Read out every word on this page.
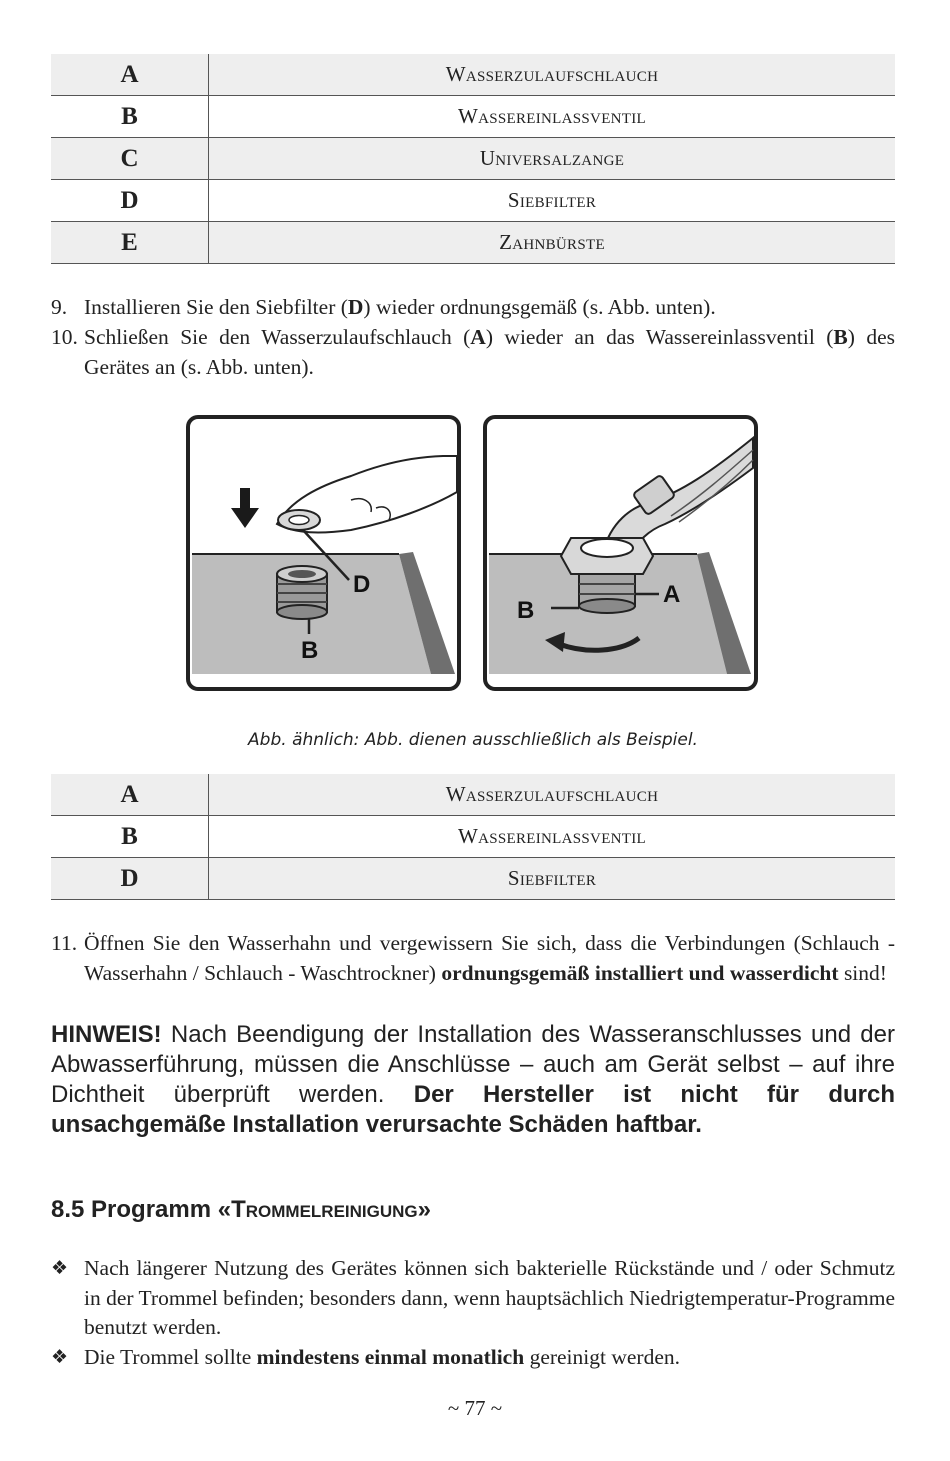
A	Wasserzulaufschlauch
B	Wassereinlassventil
C	Universalzange
D	Siebfilter
E	Zahnbürste
9. Installieren Sie den Siebfilter (D) wieder ordnungsgemäß (s. Abb. unten).
10. Schließen Sie den Wasserzulaufschlauch (A) wieder an das Wassereinlassventil (B) des Gerätes an (s. Abb. unten).
D
B
A
B
Abb. ähnlich: Abb. dienen ausschließlich als Beispiel.
A	Wasserzulaufschlauch
B	Wassereinlassventil
D	Siebfilter
11. Öffnen Sie den Wasserhahn und vergewissern Sie sich, dass die Verbindungen (Schlauch - Wasserhahn / Schlauch - Waschtrockner) ordnungsgemäß installiert und wasserdicht sind!
HINWEIS! Nach Beendigung der Installation des Wasseranschlusses und der Abwasserführung, müssen die Anschlüsse – auch am Gerät selbst – auf ihre Dichtheit überprüft werden. Der Hersteller ist nicht für durch unsachgemäße Installation verursachte Schäden haftbar.
8.5 Programm «Trommelreinigung»
❖ Nach längerer Nutzung des Gerätes können sich bakterielle Rückstände und / oder Schmutz in der Trommel befinden; besonders dann, wenn hauptsächlich Niedrigtemperatur-Programme benutzt werden.
❖ Die Trommel sollte mindestens einmal monatlich gereinigt werden.
~ 77 ~
